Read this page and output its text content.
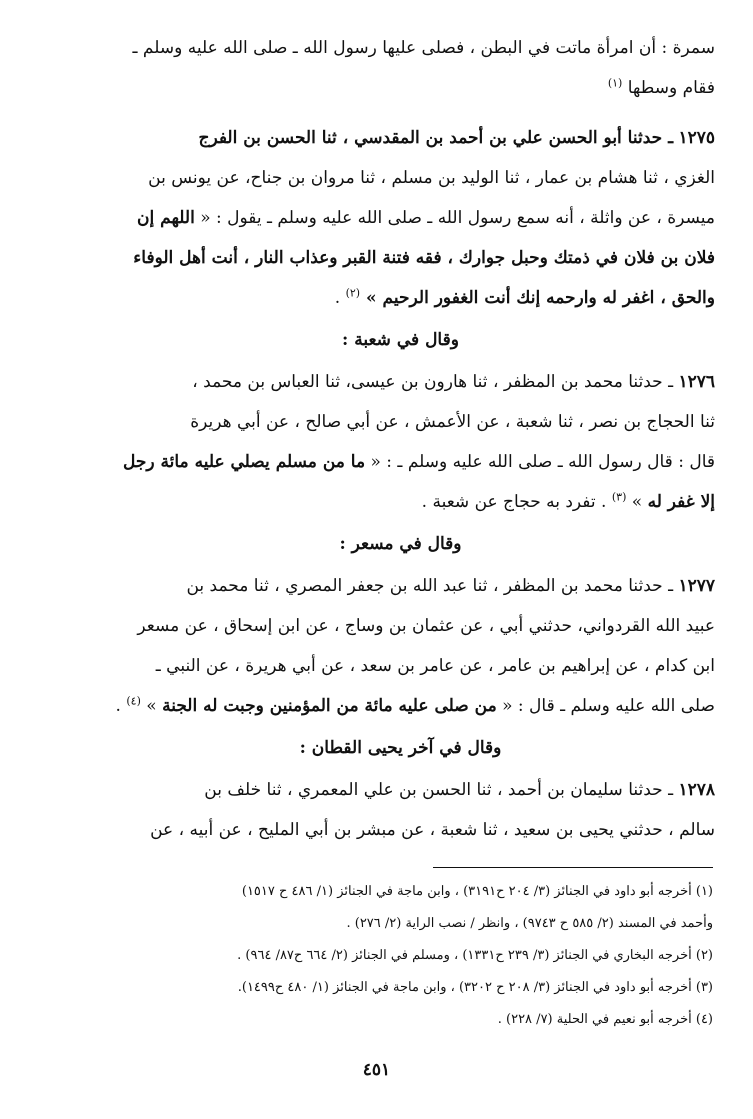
سمرة : أن امرأة ماتت في البطن ، فصلى عليها رسول الله ـ صلى الله عليه وسلم ـ
فقام وسطها $^{(١)}$
١٢٧٥ ـ حدثنا أبو الحسن علي بن أحمد بن المقدسي ، ثنا الحسن بن الفرج
الغزي ، ثنا هشام بن عمار ، ثنا الوليد بن مسلم ، ثنا مروان بن جناح، عن يونس بن
ميسرة ، عن واثلة ، أنه سمع رسول الله ـ صلى الله عليه وسلم ـ يقول : « اللهم إن
فلان بن فلان في ذمتك وحبل جوارك ، فقه فتنة القبر وعذاب النار ، أنت أهل الوفاء
والحق ، اغفر له وارحمه إنك أنت الغفور الرحيم » $^{(٢)}$ .
وقال في شعبة :
١٢٧٦ ـ حدثنا محمد بن المظفر ، ثنا هارون بن عيسى، ثنا العباس بن محمد ،
ثنا الحجاج بن نصر ، ثنا شعبة ، عن الأعمش ، عن أبي صالح ، عن أبي هريرة
قال : قال رسول الله ـ صلى الله عليه وسلم ـ : « ما من مسلم يصلي عليه مائة رجل
إلا غفر له » $^{(٣)}$ . تفرد به حجاج عن شعبة .
وقال في مسعر :
١٢٧٧ ـ حدثنا محمد بن المظفر ، ثنا عبد الله بن جعفر المصري ، ثنا محمد بن
عبيد الله القردواني، حدثني أبي ، عن عثمان بن وساج ، عن ابن إسحاق ، عن مسعر
ابن كدام ، عن إبراهيم بن عامر ، عن عامر بن سعد ، عن أبي هريرة ، عن النبي ـ
صلى الله عليه وسلم ـ قال : « من صلى عليه مائة من المؤمنين وجبت له الجنة » $^{(٤)}$ .
وقال في آخر يحيى القطان :
١٢٧٨ ـ حدثنا سليمان بن أحمد ، ثنا الحسن بن علي المعمري ، ثنا خلف بن
سالم ، حدثني يحيى بن سعيد ، ثنا شعبة ، عن مبشر بن أبي المليح ، عن أبيه ، عن
(١) أخرجه أبو داود في الجنائز (٣/ ٢٠٤ ح٣١٩١) ، وابن ماجة في الجنائز (١/ ٤٨٦ ح ١٥١٧)
وأحمد في المسند (٢/ ٥٨٥ ح ٩٧٤٣) ، وانظر / نصب الراية (٢/ ٢٧٦) .
(٢) أخرجه البخاري في الجنائز (٣/ ٢٣٩ ح١٣٣١) ، ومسلم في الجنائز (٢/ ٦٦٤ ح٨٧/ ٩٦٤) .
(٣) أخرجه أبو داود في الجنائز (٣/ ٢٠٨ ح ٣٢٠٢) ، وابن ماجة في الجنائز (١/ ٤٨٠ ح١٤٩٩).
(٤) أخرجه أبو نعيم في الحلية (٧/ ٢٢٨) .
٤٥١
